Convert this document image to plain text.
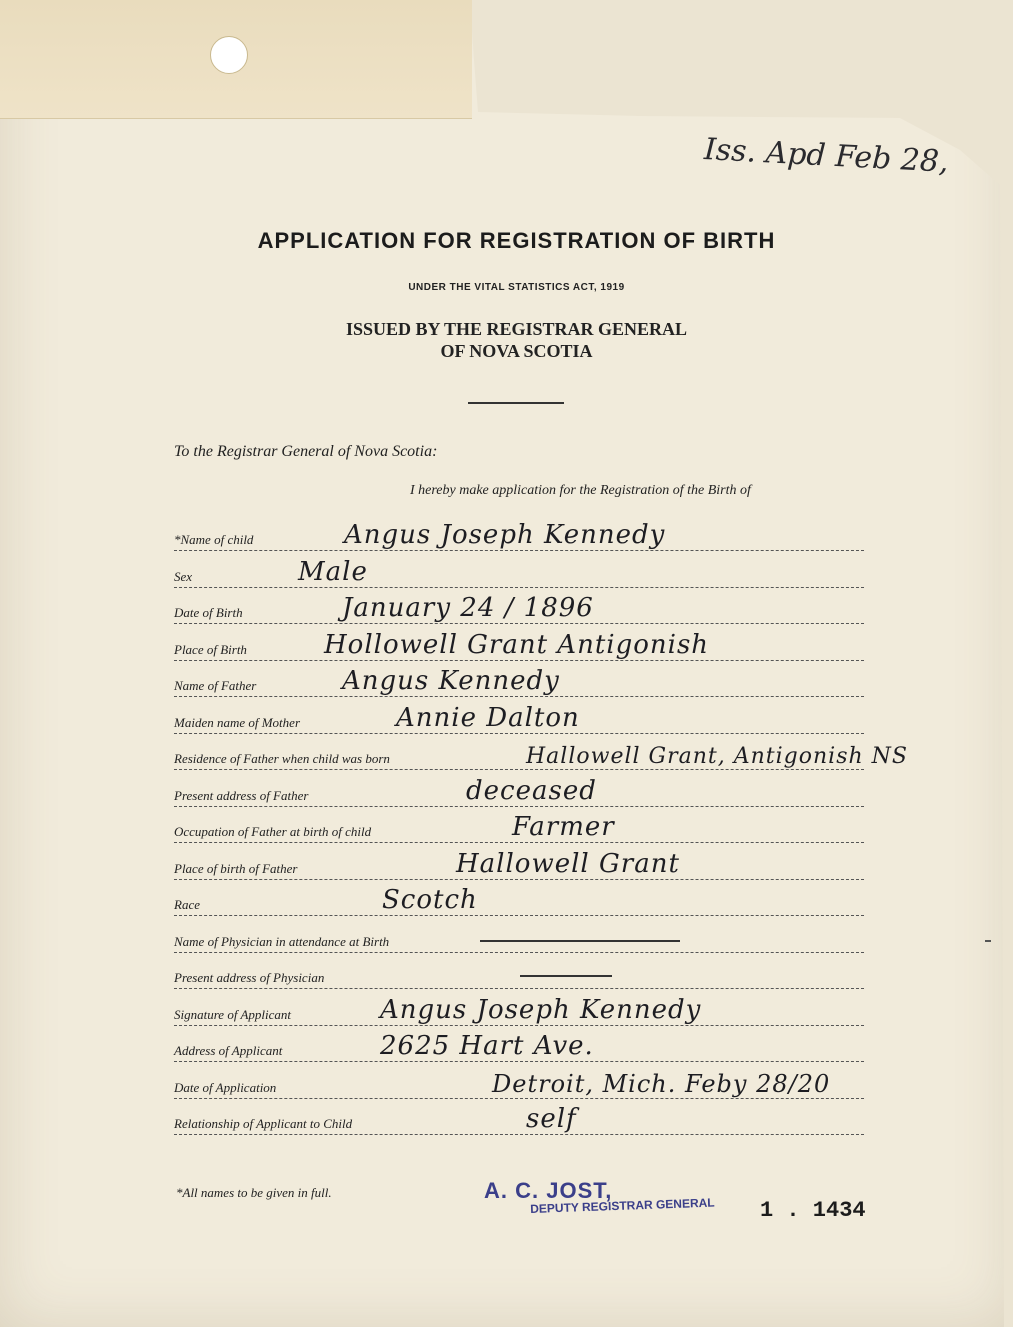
Iss. Apd Feb 28,
APPLICATION FOR REGISTRATION OF BIRTH
UNDER THE VITAL STATISTICS ACT, 1919
ISSUED BY THE REGISTRAR GENERAL
OF NOVA SCOTIA
To the Registrar General of Nova Scotia:
I hereby make application for the Registration of the Birth of
*Name of child	Angus Joseph Kennedy
Sex	Male
Date of Birth	January 24 / 1896
Place of Birth	Hollowell Grant Antigonish
Name of Father	Angus Kennedy
Maiden name of Mother	Annie Dalton
Residence of Father when child was born	Hallowell Grant, Antigonish NS
Present address of Father	deceased
Occupation of Father at birth of child	Farmer
Place of birth of Father	Hallowell Grant
Race	Scotch
Name of Physician in attendance at Birth
Present address of Physician
Signature of Applicant	Angus Joseph Kennedy
Address of Applicant	2625 Hart Ave.
Date of Application	Detroit, Mich. Feby 28/20
Relationship of Applicant to Child	self
*All names to be given in full.	A. C. JOST,
DEPUTY REGISTRAR GENERAL 1 . 1434
